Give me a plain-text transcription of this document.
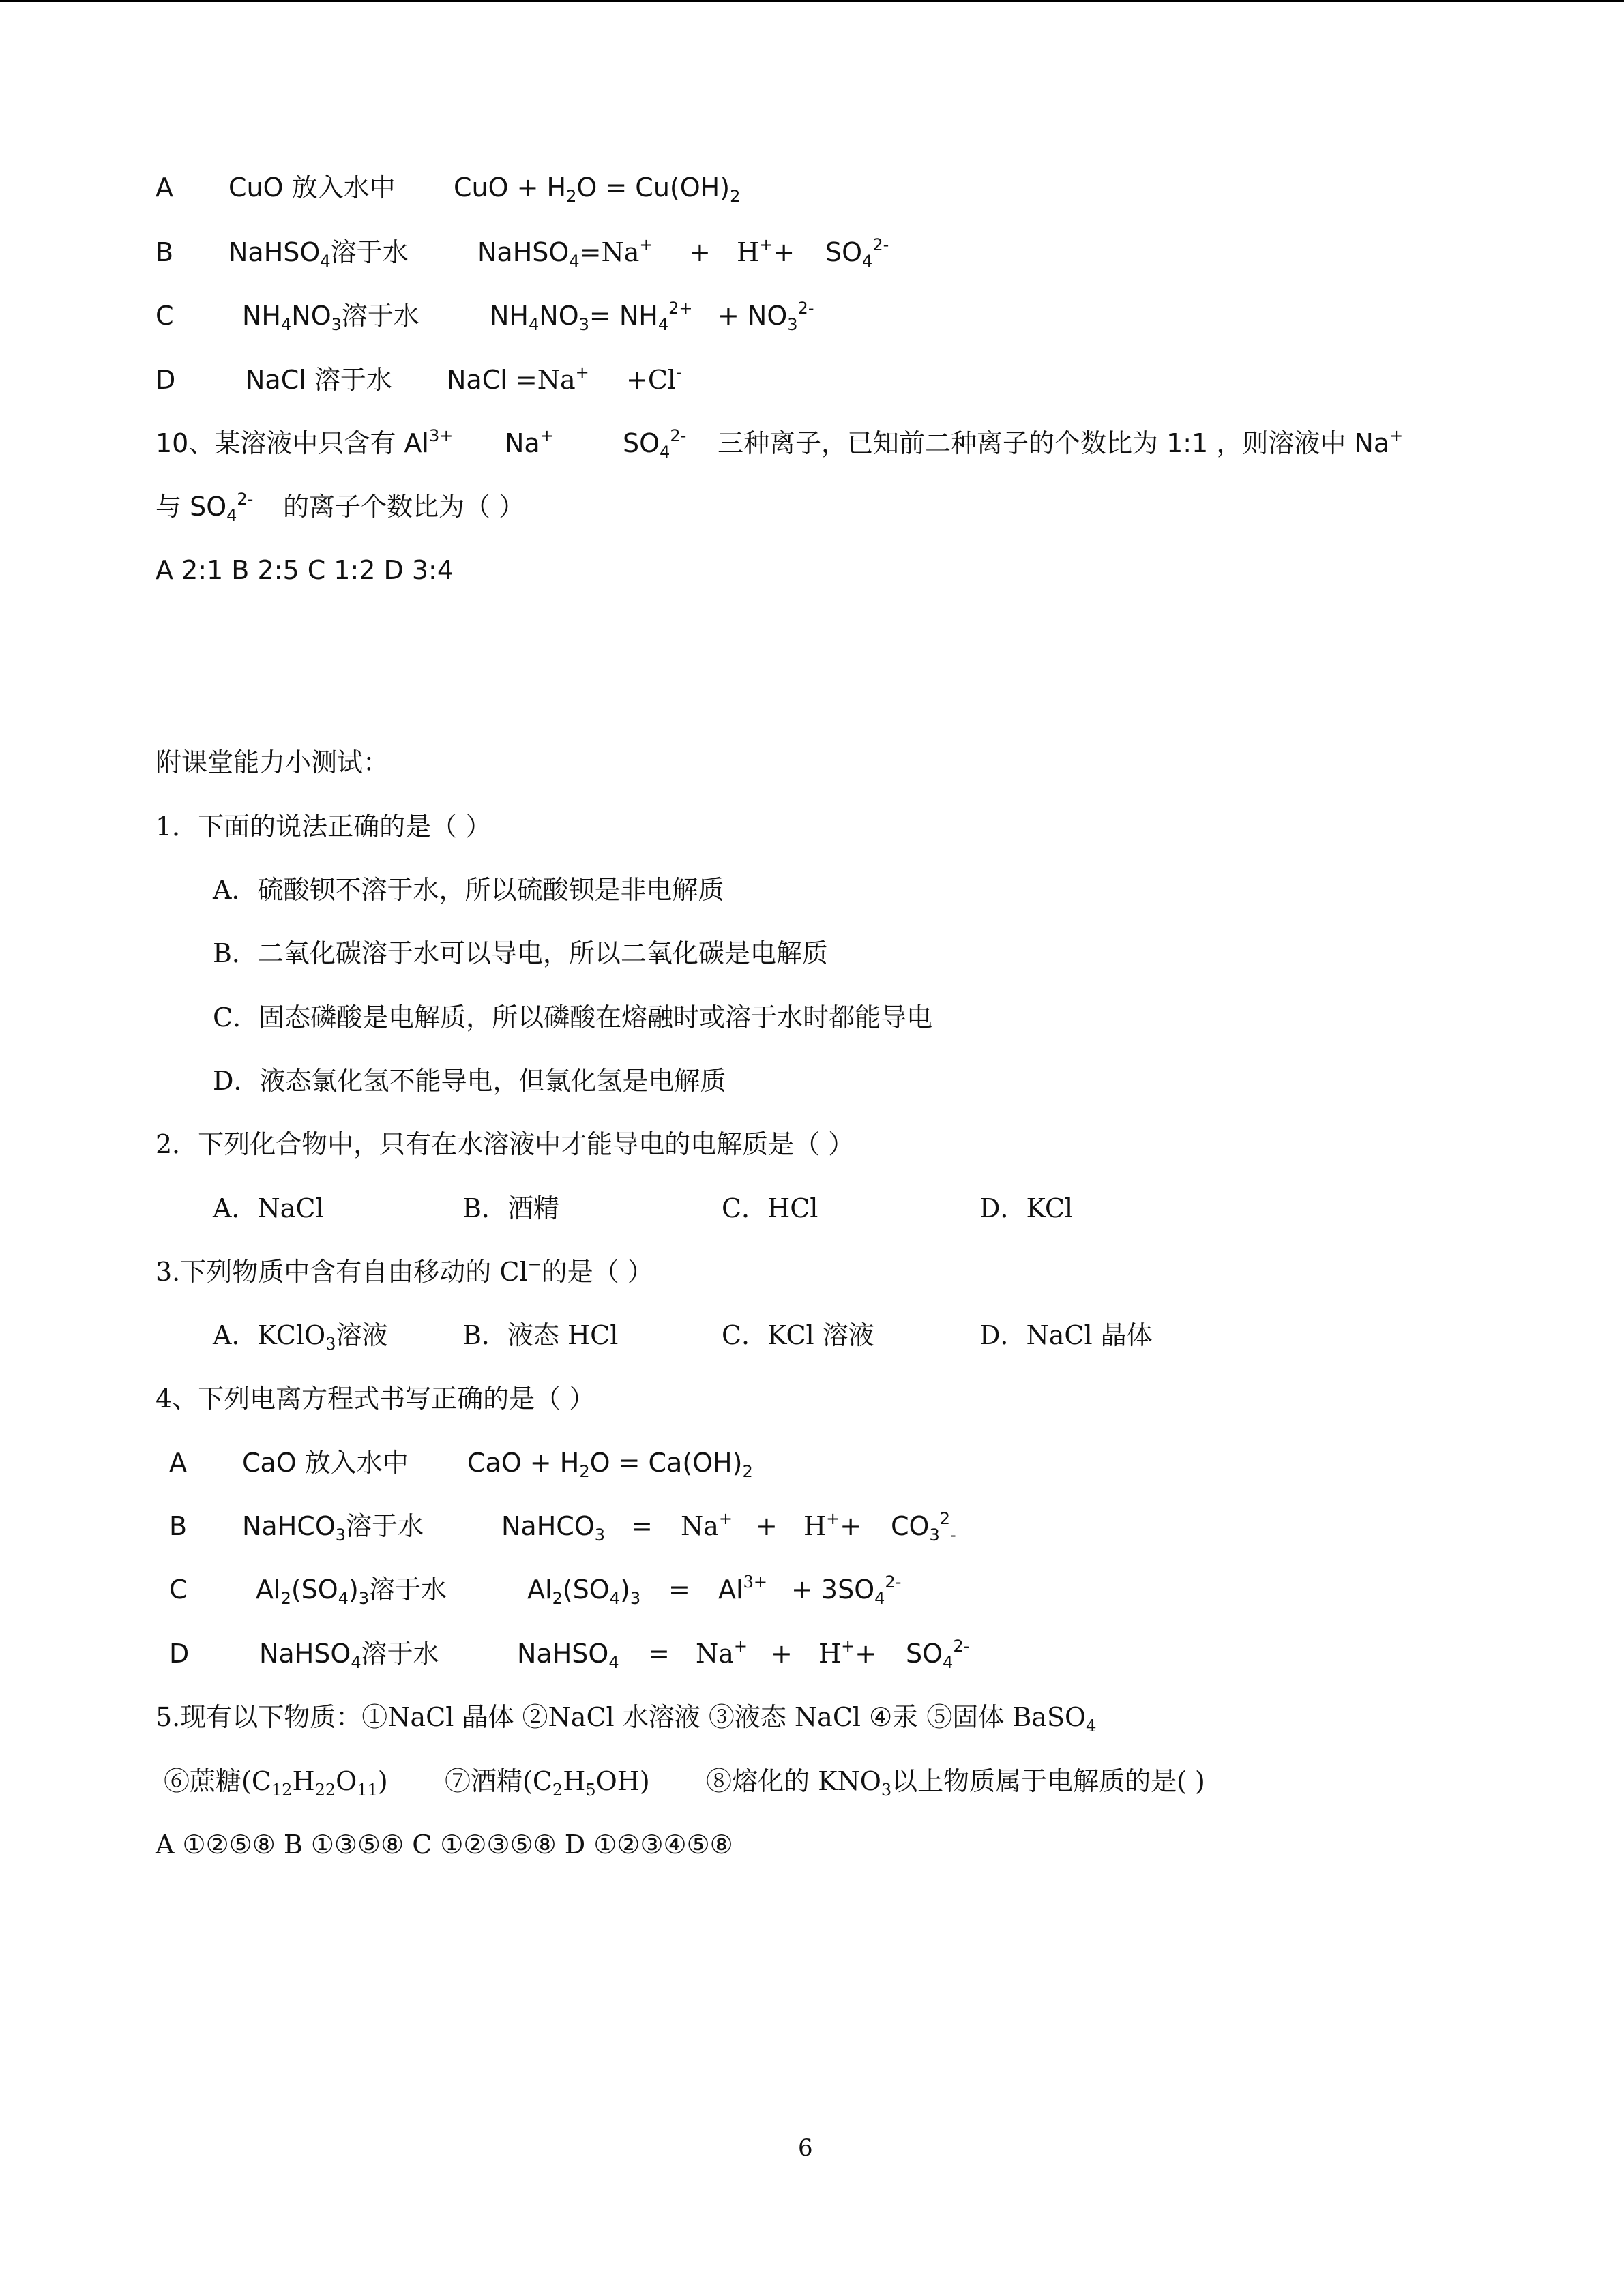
A CuO 放入水中 CuO + H2O = Cu(OH)2
B NaHSO4溶于水	NaHSO4=Na+ + H++ SO42-
C	NH4NO3溶于水	NH4NO3= NH42+ + NO32-
D	NaCl 溶于水 NaCl =Na+ +Cl-
10、某溶液中只含有 Al3+ Na+	SO42- 三种离子，已知前二种离子的个数比为 1:1 ，则溶液中 Na+
与 SO42- 的离子个数比为（ ）
A 2:1 B 2:5 C 1:2 D 3:4
附课堂能力小测试：
1．下面的说法正确的是（ ）
A．硫酸钡不溶于水，所以硫酸钡是非电解质
B．二氧化碳溶于水可以导电，所以二氧化碳是电解质
C．固态磷酸是电解质，所以磷酸在熔融时或溶于水时都能导电
D．液态氯化氢不能导电，但氯化氢是电解质
2．下列化合物中，只有在水溶液中才能导电的电解质是（ ）
A．NaCl	B．酒精	C．HCl	D．KCl
3.下列物质中含有自由移动的 Cl−的是（ ）
A．KClO3溶液	B．液态 HCl	C．KCl 溶液	D．NaCl 晶体
4、下列电离方程式书写正确的是（ ）
A CaO 放入水中 CaO + H2O = Ca(OH)2
B NaHCO3溶于水	NaHCO3 = Na+ + H++ CO32-
C	Al2(SO4)3溶于水	Al2(SO4)3 = Al3+ + 3SO42-
D	NaHSO4溶于水	NaHSO4 = Na+ + H++ SO42-
5.现有以下物质：①NaCl 晶体 ②NaCl 水溶液 ③液态 NaCl ④汞 ⑤固体 BaSO4
⑥蔗糖(C12H22O11) ⑦酒精(C2H5OH) ⑧熔化的 KNO3以上物质属于电解质的是( )
A ①②⑤⑧ B ①③⑤⑧ C ①②③⑤⑧ D ①②③④⑤⑧
6
